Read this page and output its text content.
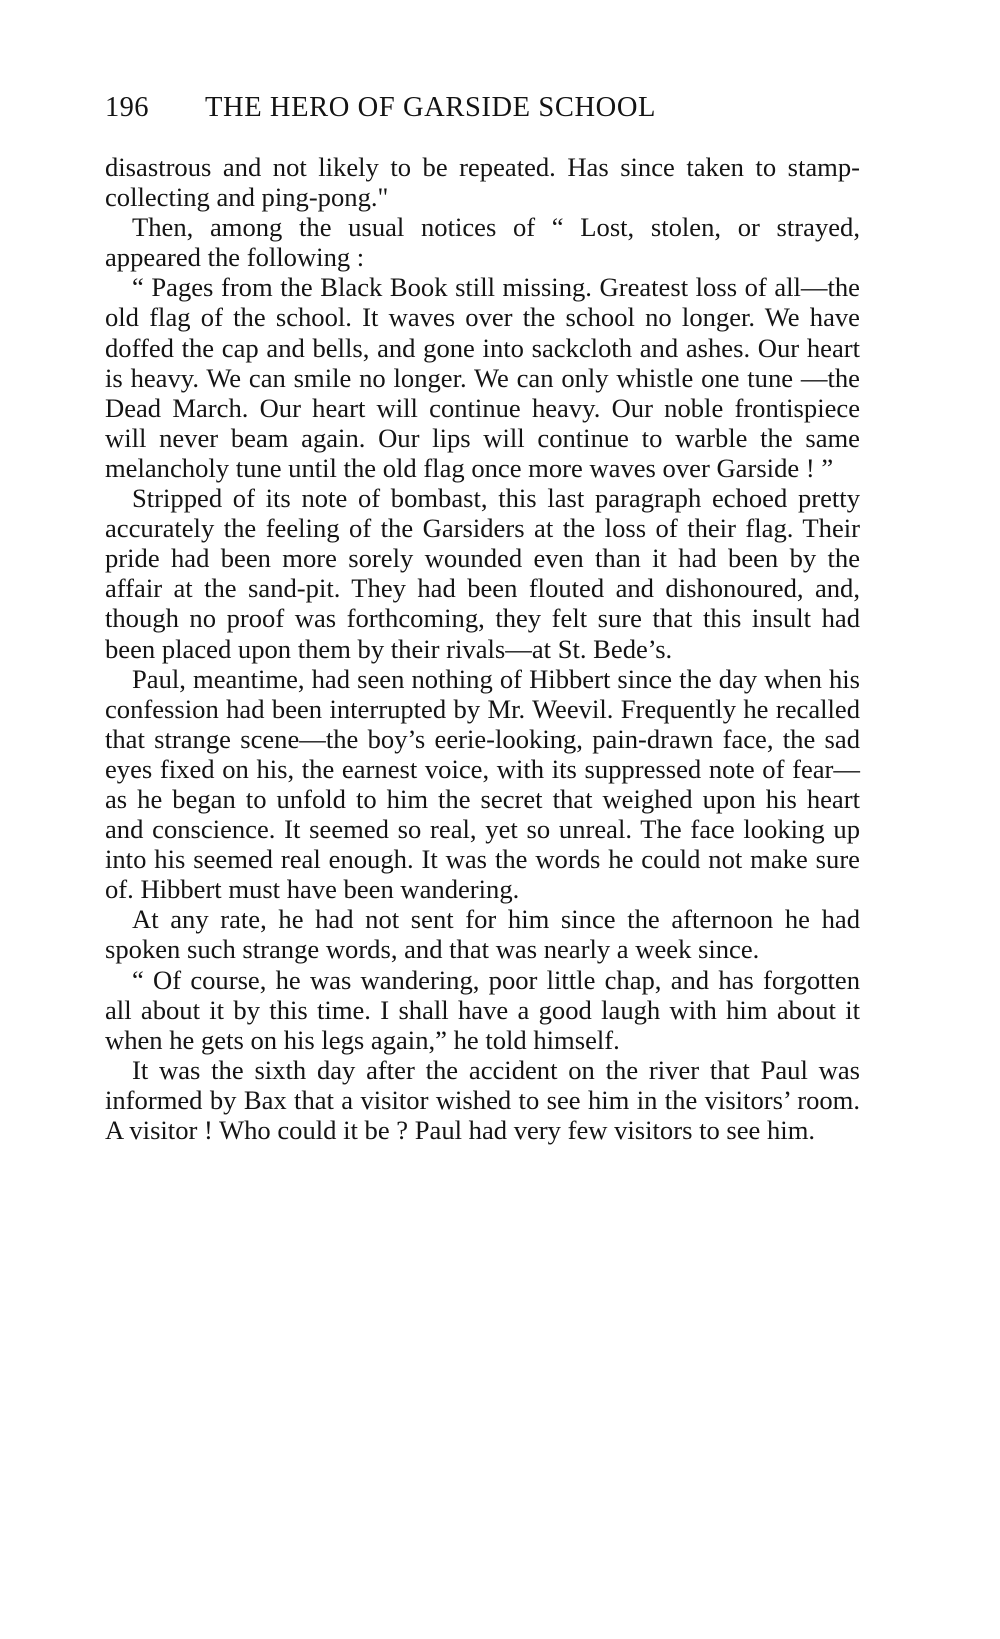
196	THE HERO OF GARSIDE SCHOOL

disastrous and not likely to be repeated. Has since taken to stamp-collecting and ping-pong."

Then, among the usual notices of “ Lost, stolen, or strayed, appeared the following :

“ Pages from the Black Book still missing. Greatest loss of all—the old flag of the school. It waves over the school no longer. We have doffed the cap and bells, and gone into sackcloth and ashes. Our heart is heavy. We can smile no longer. We can only whistle one tune —the Dead March. Our heart will continue heavy. Our noble frontispiece will never beam again. Our lips will continue to warble the same melancholy tune until the old flag once more waves over Garside ! ”

Stripped of its note of bombast, this last paragraph echoed pretty accurately the feeling of the Garsiders at the loss of their flag. Their pride had been more sorely wounded even than it had been by the affair at the sand-pit. They had been flouted and dishonoured, and, though no proof was forthcoming, they felt sure that this insult had been placed upon them by their rivals—at St. Bede’s.

Paul, meantime, had seen nothing of Hibbert since the day when his confession had been interrupted by Mr. Weevil. Frequently he recalled that strange scene—the boy’s eerie-looking, pain-drawn face, the sad eyes fixed on his, the earnest voice, with its suppressed note of fear— as he began to unfold to him the secret that weighed upon his heart and conscience. It seemed so real, yet so unreal. The face looking up into his seemed real enough. It was the words he could not make sure of. Hibbert must have been wandering.

At any rate, he had not sent for him since the afternoon he had spoken such strange words, and that was nearly a week since.

“ Of course, he was wandering, poor little chap, and has forgotten all about it by this time. I shall have a good laugh with him about it when he gets on his legs again,” he told himself.

It was the sixth day after the accident on the river that Paul was informed by Bax that a visitor wished to see him in the visitors’ room. A visitor ! Who could it be ? Paul had very few visitors to see him.
